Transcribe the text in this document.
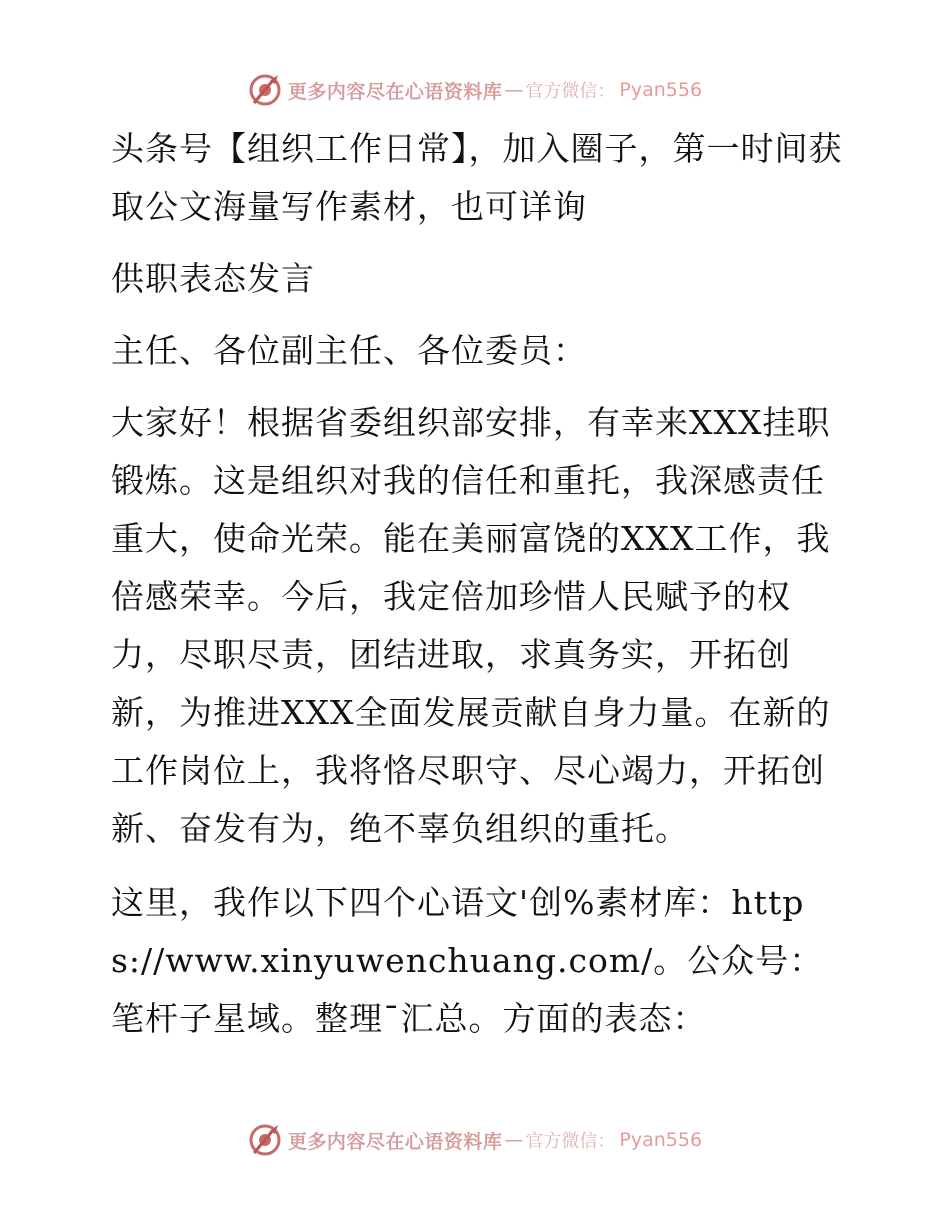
更多内容尽在心语资料库 — 官方微信： Pyan556

头条号【组织工作日常】，加入圈子，第一时间获取公文海量写作素材，也可详询

供职表态发言

主任、各位副主任、各位委员：

大家好！根据省委组织部安排，有幸来XXX挂职锻炼。这是组织对我的信任和重托，我深感责任重大，使命光荣。能在美丽富饶的XXX工作，我倍感荣幸。今后，我定倍加珍惜人民赋予的权力，尽职尽责，团结进取，求真务实，开拓创新，为推进XXX全面发展贡献自身力量。在新的工作岗位上，我将恪尽职守、尽心竭力，开拓创新、奋发有为，绝不辜负组织的重托。

这里，我作以下四个心语文'创%素材库：https://www.xinyuwenchuang.com/。公众号：笔杆子星域。整理¯汇总。方面的表态：

更多内容尽在心语资料库 — 官方微信： Pyan556
